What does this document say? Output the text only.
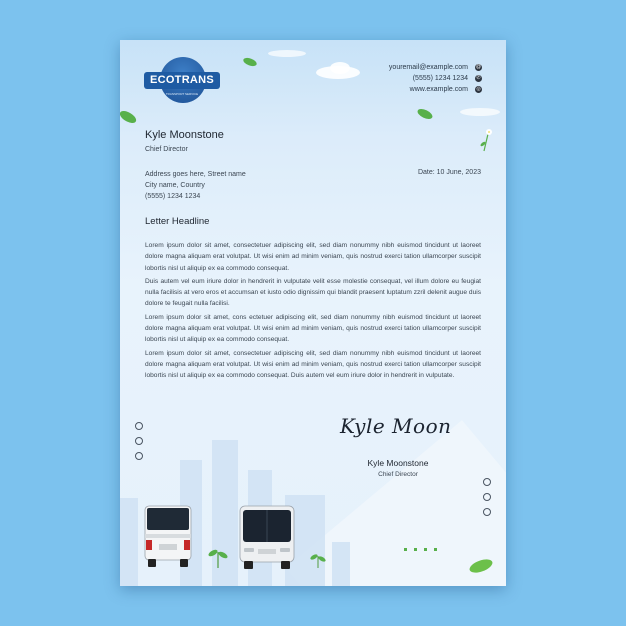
ECOTRANS
TRANSPORT SERVICE
youremail@example.com @
(5555) 1234 1234 ✆
www.example.com ◎
Kyle Moonstone
Chief Director
Address goes here, Street name
City name, Country
(5555) 1234 1234
Date: 10 June, 2023
Letter Headline

Lorem ipsum dolor sit amet, consectetuer adipiscing elit, sed diam nonummy nibh euismod tincidunt ut laoreet dolore magna aliquam erat volutpat. Ut wisi enim ad minim veniam, quis nostrud exerci tation ullamcorper suscipit lobortis nisl ut aliquip ex ea commodo consequat.

Duis autem vel eum iriure dolor in hendrerit in vulputate velit esse molestie consequat, vel illum dolore eu feugiat nulla facilisis at vero eros et accumsan et iusto odio dignissim qui blandit praesent luptatum zzril delenit augue duis dolore te feugait nulla facilisi.

Lorem ipsum dolor sit amet, cons ectetuer adipiscing elit, sed diam nonummy nibh euismod tincidunt ut laoreet dolore magna aliquam erat volutpat. Ut wisi enim ad minim veniam, quis nostrud exerci tation ullamcorper suscipit lobortis nisl ut aliquip ex ea commodo consequat.

Lorem ipsum dolor sit amet, consectetuer adipiscing elit, sed diam nonummy nibh euismod tincidunt ut laoreet dolore magna aliquam erat volutpat. Ut wisi enim ad minim veniam, quis nostrud exerci tation ullamcorper suscipit lobortis nisl ut aliquip ex ea commodo consequat. Duis autem vel eum iriure dolor in hendrerit in vulputate.

Kyle Moon
Kyle Moonstone
Chief Director
